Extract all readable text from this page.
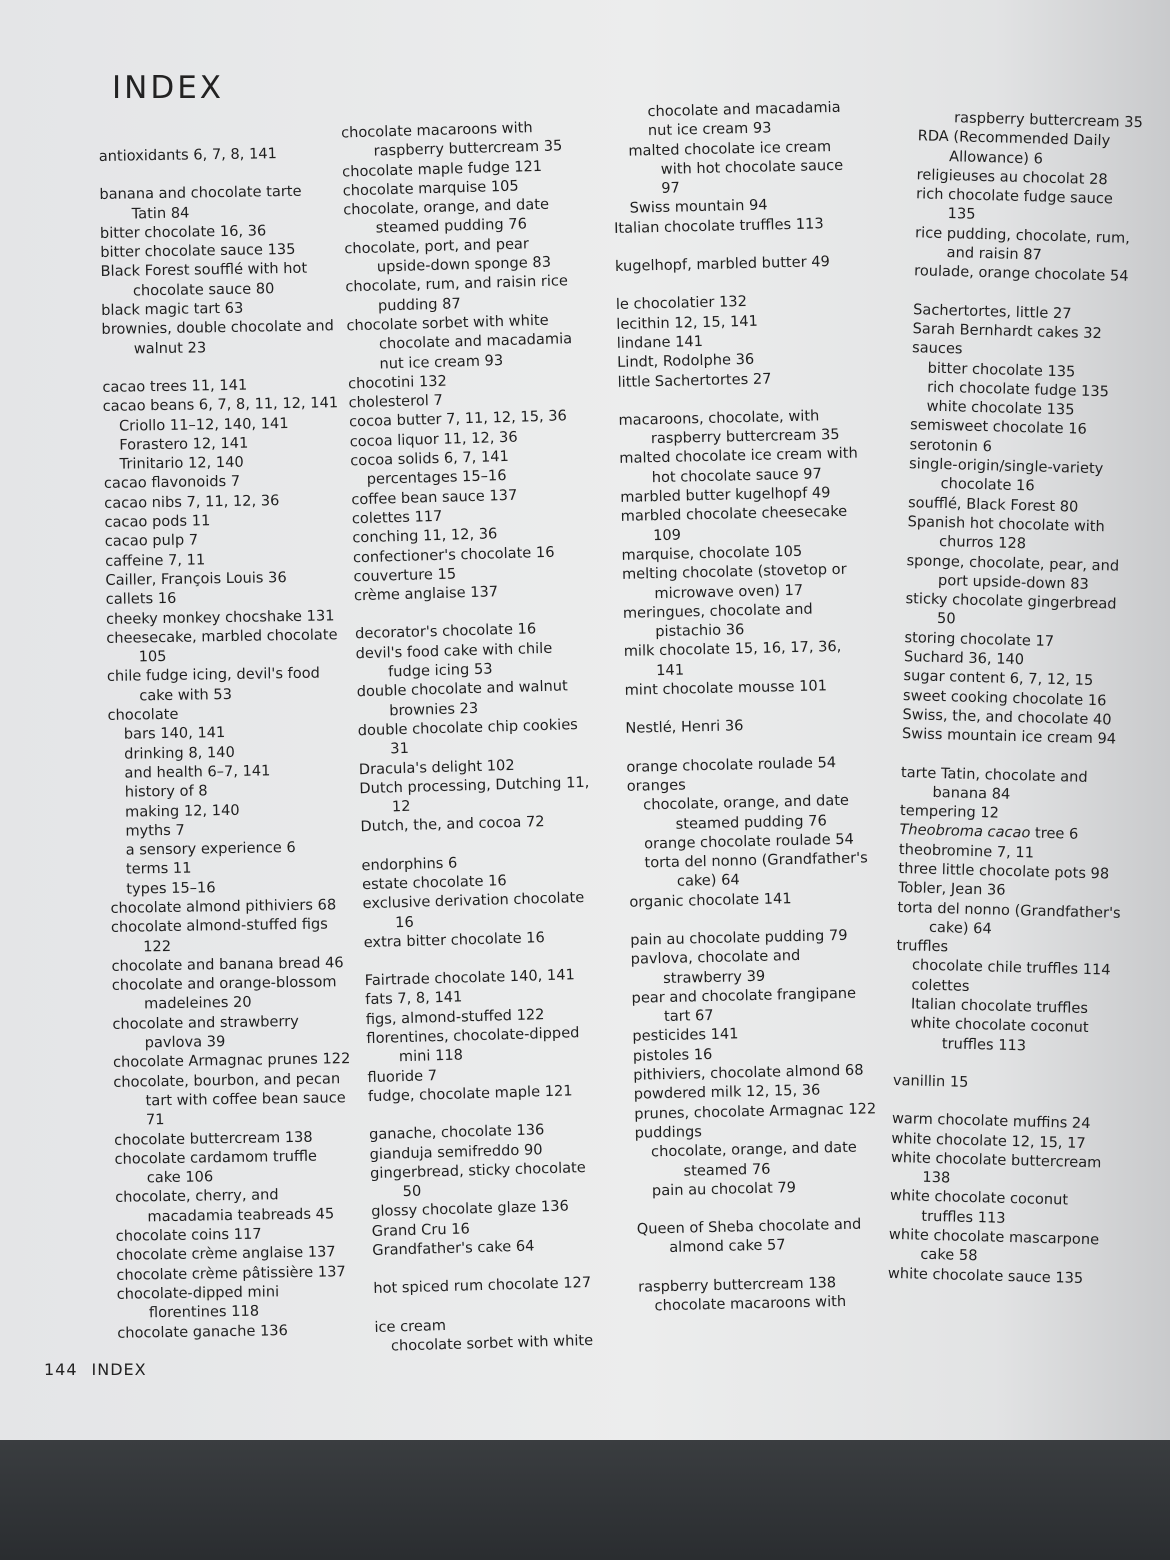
INDEX
antioxidants 6, 7, 8, 141
banana and chocolate tarte Tatin 84
bitter chocolate 16, 36
bitter chocolate sauce 135
Black Forest soufflé with hot chocolate sauce 80
black magic tart 63
brownies, double chocolate and walnut 23
cacao trees 11, 141
cacao beans 6, 7, 8, 11, 12, 141
Criollo 11–12, 140, 141
Forastero 12, 141
Trinitario 12, 140
cacao flavonoids 7
cacao nibs 7, 11, 12, 36
cacao pods 11
cacao pulp 7
caffeine 7, 11
Cailler, François Louis 36
callets 16
cheeky monkey chocshake 131
cheesecake, marbled chocolate 105
chile fudge icing, devil's food cake with 53
chocolate
bars 140, 141
drinking 8, 140
and health 6–7, 141
history of 8
making 12, 140
myths 7
a sensory experience 6
terms 11
types 15–16
chocolate almond pithiviers 68
chocolate almond-stuffed figs 122
chocolate and banana bread 46
chocolate and orange-blossom madeleines 20
chocolate and strawberry pavlova 39
chocolate Armagnac prunes 122
chocolate, bourbon, and pecan tart with coffee bean sauce 71
chocolate buttercream 138
chocolate cardamom truffle cake 106
chocolate, cherry, and macadamia teabreads 45
chocolate coins 117
chocolate crème anglaise 137
chocolate crème pâtissière 137
chocolate-dipped mini florentines 118
chocolate ganache 136
chocolate macaroons with raspberry buttercream 35
chocolate maple fudge 121
chocolate marquise 105
chocolate, orange, and date steamed pudding 76
chocolate, port, and pear upside-down sponge 83
chocolate, rum, and raisin rice pudding 87
chocolate sorbet with white chocolate and macadamia nut ice cream 93
chocotini 132
cholesterol 7
cocoa butter 7, 11, 12, 15, 36
cocoa liquor 11, 12, 36
cocoa solids 6, 7, 141
percentages 15–16
coffee bean sauce 137
colettes 117
conching 11, 12, 36
confectioner's chocolate 16
couverture 15
crème anglaise 137
decorator's chocolate 16
devil's food cake with chile fudge icing 53
double chocolate and walnut brownies 23
double chocolate chip cookies 31
Dracula's delight 102
Dutch processing, Dutching 11, 12
Dutch, the, and cocoa 72
endorphins 6
estate chocolate 16
exclusive derivation chocolate 16
extra bitter chocolate 16
Fairtrade chocolate 140, 141
fats 7, 8, 141
figs, almond-stuffed 122
florentines, chocolate-dipped mini 118
fluoride 7
fudge, chocolate maple 121
ganache, chocolate 136
gianduja semifreddo 90
gingerbread, sticky chocolate 50
glossy chocolate glaze 136
Grand Cru 16
Grandfather's cake 64
hot spiced rum chocolate 127
ice cream
chocolate sorbet with white
chocolate and macadamia nut ice cream 93
malted chocolate ice cream with hot chocolate sauce 97
Swiss mountain 94
Italian chocolate truffles 113
kugelhopf, marbled butter 49
le chocolatier 132
lecithin 12, 15, 141
lindane 141
Lindt, Rodolphe 36
little Sachertortes 27
macaroons, chocolate, with raspberry buttercream 35
malted chocolate ice cream with hot chocolate sauce 97
marbled butter kugelhopf 49
marbled chocolate cheesecake 109
marquise, chocolate 105
melting chocolate (stovetop or microwave oven) 17
meringues, chocolate and pistachio 36
milk chocolate 15, 16, 17, 36, 141
mint chocolate mousse 101
Nestlé, Henri 36
orange chocolate roulade 54
oranges
chocolate, orange, and date steamed pudding 76
orange chocolate roulade 54
torta del nonno (Grandfather's cake) 64
organic chocolate 141
pain au chocolate pudding 79
pavlova, chocolate and strawberry 39
pear and chocolate frangipane tart 67
pesticides 141
pistoles 16
pithiviers, chocolate almond 68
powdered milk 12, 15, 36
prunes, chocolate Armagnac 122
puddings
chocolate, orange, and date steamed 76
pain au chocolat 79
Queen of Sheba chocolate and almond cake 57
raspberry buttercream 138
chocolate macaroons with
raspberry buttercream 35
RDA (Recommended Daily Allowance) 6
religieuses au chocolat 28
rich chocolate fudge sauce 135
rice pudding, chocolate, rum, and raisin 87
roulade, orange chocolate 54
Sachertortes, little 27
Sarah Bernhardt cakes 32
sauces
bitter chocolate 135
rich chocolate fudge 135
white chocolate 135
semisweet chocolate 16
serotonin 6
single-origin/single-variety chocolate 16
soufflé, Black Forest 80
Spanish hot chocolate with churros 128
sponge, chocolate, pear, and port upside-down 83
sticky chocolate gingerbread 50
storing chocolate 17
Suchard 36, 140
sugar content 6, 7, 12, 15
sweet cooking chocolate 16
Swiss, the, and chocolate 40
Swiss mountain ice cream 94
tarte Tatin, chocolate and banana 84
tempering 12
Theobroma cacao tree 6
theobromine 7, 11
three little chocolate pots 98
Tobler, Jean 36
torta del nonno (Grandfather's cake) 64
truffles
chocolate chile truffles 114
colettes
Italian chocolate truffles
white chocolate coconut truffles 113
vanillin 15
warm chocolate muffins 24
white chocolate 12, 15, 17
white chocolate buttercream 138
white chocolate coconut truffles 113
white chocolate mascarpone cake 58
white chocolate sauce 135
144 INDEX
